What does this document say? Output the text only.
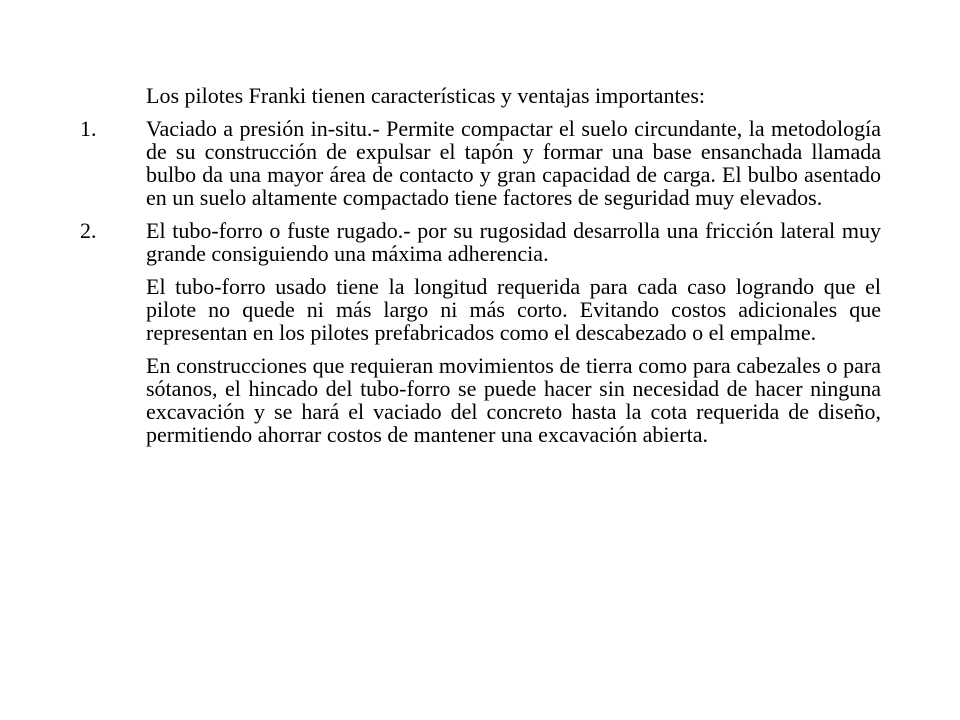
Los pilotes Franki tienen características y ventajas importantes:

1. Vaciado a presión in-situ.- Permite compactar el suelo circundante, la metodología de su construcción de expulsar el tapón y formar una base ensanchada llamada bulbo da una mayor área de contacto y gran capacidad de carga. El bulbo asentado en un suelo altamente compactado tiene factores de seguridad muy elevados.
2. El tubo-forro o fuste rugado.- por su rugosidad desarrolla una fricción lateral muy grande consiguiendo una máxima adherencia.

El tubo-forro usado tiene la longitud requerida para cada caso logrando que el pilote no quede ni más largo ni más corto. Evitando costos adicionales que representan en los pilotes prefabricados como el descabezado o el empalme.

En construcciones que requieran movimientos de tierra como para cabezales o para sótanos, el hincado del tubo-forro se puede hacer sin necesidad de hacer ninguna excavación y se hará el vaciado del concreto hasta la cota requerida de diseño, permitiendo ahorrar costos de mantener una excavación abierta.
